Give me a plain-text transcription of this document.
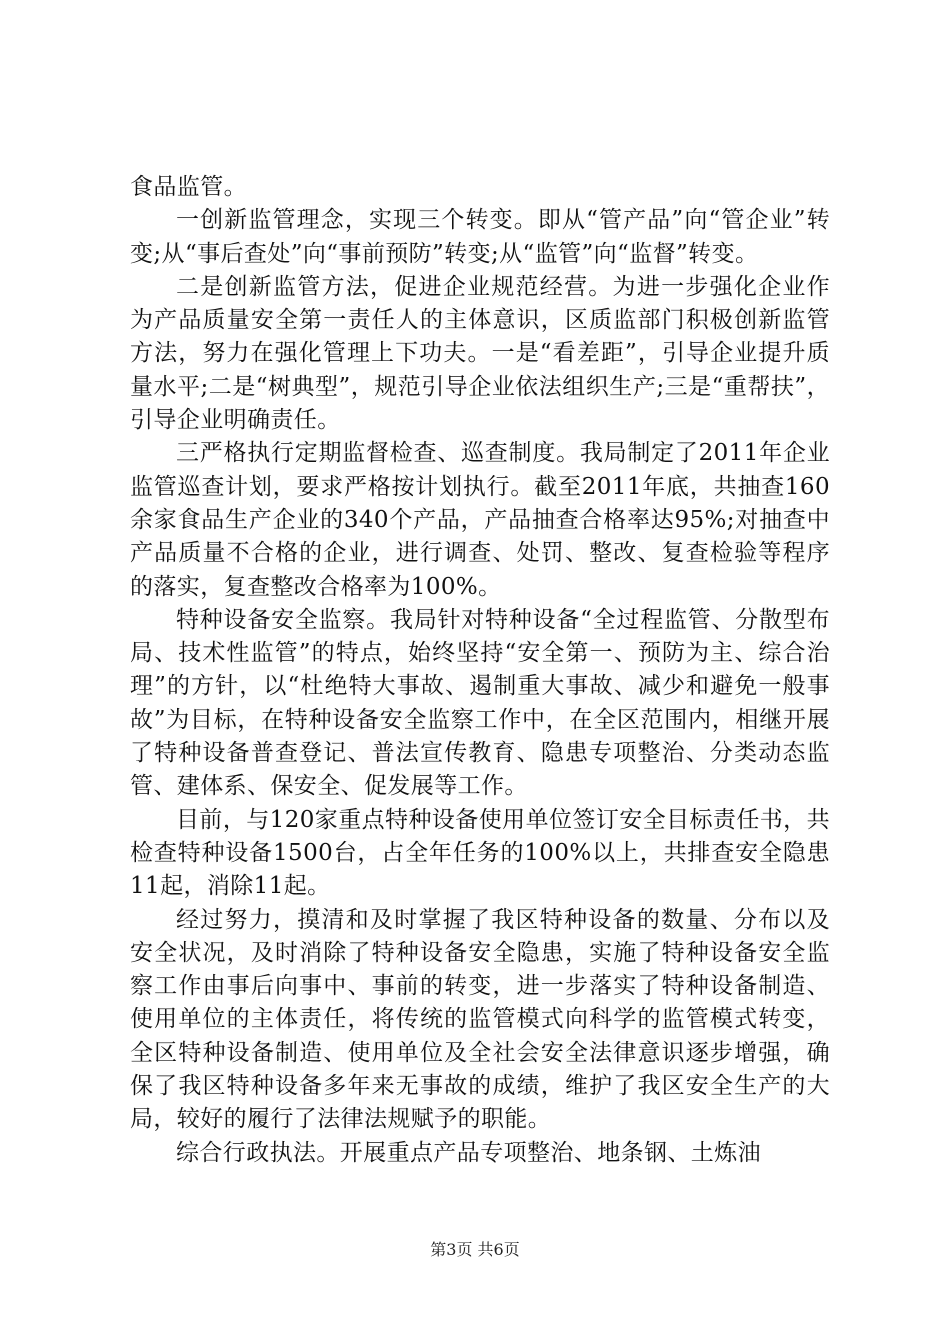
食品监管。

一创新监管理念，实现三个转变。即从“管产品”向“管企业”转变;从“事后查处”向“事前预防”转变;从“监管”向“监督”转变。

二是创新监管方法，促进企业规范经营。为进一步强化企业作为产品质量安全第一责任人的主体意识，区质监部门积极创新监管方法，努力在强化管理上下功夫。一是“看差距”，引导企业提升质量水平;二是“树典型”，规范引导企业依法组织生产;三是“重帮扶”，引导企业明确责任。

三严格执行定期监督检查、巡查制度。我局制定了2011年企业监管巡查计划，要求严格按计划执行。截至2011年底，共抽查160余家食品生产企业的340个产品，产品抽查合格率达95%;对抽查中产品质量不合格的企业，进行调查、处罚、整改、复查检验等程序的落实，复查整改合格率为100%。

特种设备安全监察。我局针对特种设备“全过程监管、分散型布局、技术性监管”的特点，始终坚持“安全第一、预防为主、综合治理”的方针，以“杜绝特大事故、遏制重大事故、减少和避免一般事故”为目标，在特种设备安全监察工作中，在全区范围内，相继开展了特种设备普查登记、普法宣传教育、隐患专项整治、分类动态监管、建体系、保安全、促发展等工作。

目前，与120家重点特种设备使用单位签订安全目标责任书，共检查特种设备1500台，占全年任务的100%以上，共排查安全隐患11起，消除11起。

经过努力，摸清和及时掌握了我区特种设备的数量、分布以及安全状况，及时消除了特种设备安全隐患，实施了特种设备安全监察工作由事后向事中、事前的转变，进一步落实了特种设备制造、使用单位的主体责任，将传统的监管模式向科学的监管模式转变，全区特种设备制造、使用单位及全社会安全法律意识逐步增强，确保了我区特种设备多年来无事故的成绩，维护了我区安全生产的大局，较好的履行了法律法规赋予的职能。

综合行政执法。开展重点产品专项整治、地条钢、土炼油

第3页 共6页
